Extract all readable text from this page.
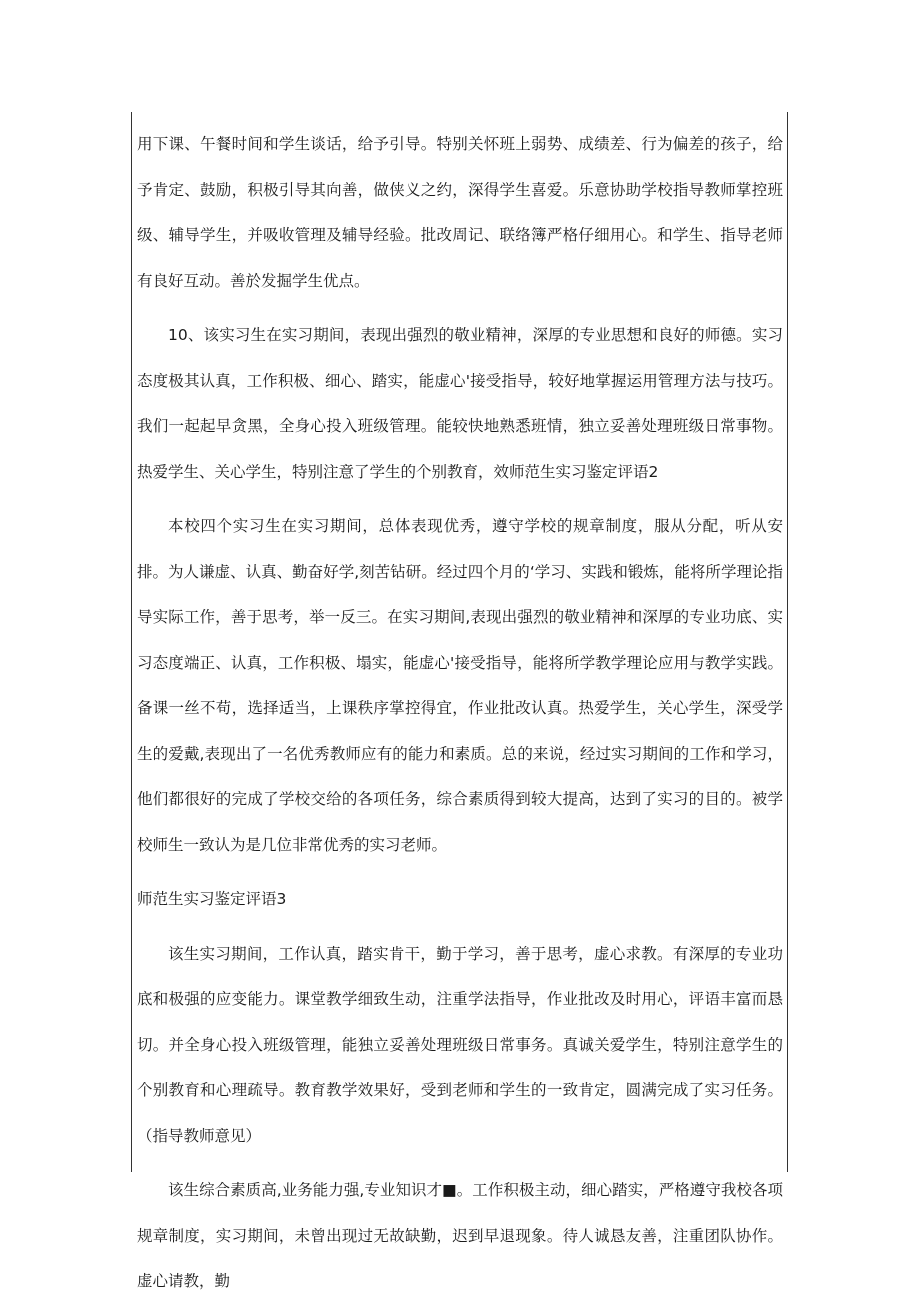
用下课、午餐时间和学生谈话，给予引导。特别关怀班上弱势、成绩差、行为偏差的孩子，给予肯定、鼓励，积极引导其向善，做侠义之约，深得学生喜爱。乐意协助学校指导教师掌控班级、辅导学生，并吸收管理及辅导经验。批改周记、联络簿严格仔细用心。和学生、指导老师有良好互动。善於发掘学生优点。

10、该实习生在实习期间，表现出强烈的敬业精神，深厚的专业思想和良好的师德。实习态度极其认真，工作积极、细心、踏实，能虚心'接受指导，较好地掌握运用管理方法与技巧。我们一起起早贪黑，全身心投入班级管理。能较快地熟悉班情，独立妥善处理班级日常事物。热爱学生、关心学生，特别注意了学生的个别教育，效师范生实习鉴定评语2

本校四个实习生在实习期间，总体表现优秀，遵守学校的规章制度，服从分配，听从安排。为人谦虚、认真、勤奋好学,刻苦钻研。经过四个月的‘学习、实践和锻炼，能将所学理论指导实际工作，善于思考，举一反三。在实习期间,表现出强烈的敬业精神和深厚的专业功底、实习态度端正、认真，工作积极、塌实，能虚心'接受指导，能将所学教学理论应用与教学实践。备课一丝不苟，选择适当，上课秩序掌控得宜，作业批改认真。热爱学生，关心学生，深受学生的爱戴,表现出了一名优秀教师应有的能力和素质。总的来说，经过实习期间的工作和学习，他们都很好的完成了学校交给的各项任务，综合素质得到较大提高，达到了实习的目的。被学校师生一致认为是几位非常优秀的实习老师。

师范生实习鉴定评语3

该生实习期间，工作认真，踏实肯干，勤于学习，善于思考，虚心求教。有深厚的专业功底和极强的应变能力。课堂教学细致生动，注重学法指导，作业批改及时用心，评语丰富而恳切。并全身心投入班级管理，能独立妥善处理班级日常事务。真诚关爱学生，特别注意学生的个别教育和心理疏导。教育教学效果好，受到老师和学生的一致肯定，圆满完成了实习任务。（指导教师意见）

该生综合素质高,业务能力强,专业知识才■。工作积极主动，细心踏实，严格遵守我校各项规章制度，实习期间，未曾出现过无故缺勤，迟到早退现象。待人诚恳友善，注重团队协作。虚心请教，勤
